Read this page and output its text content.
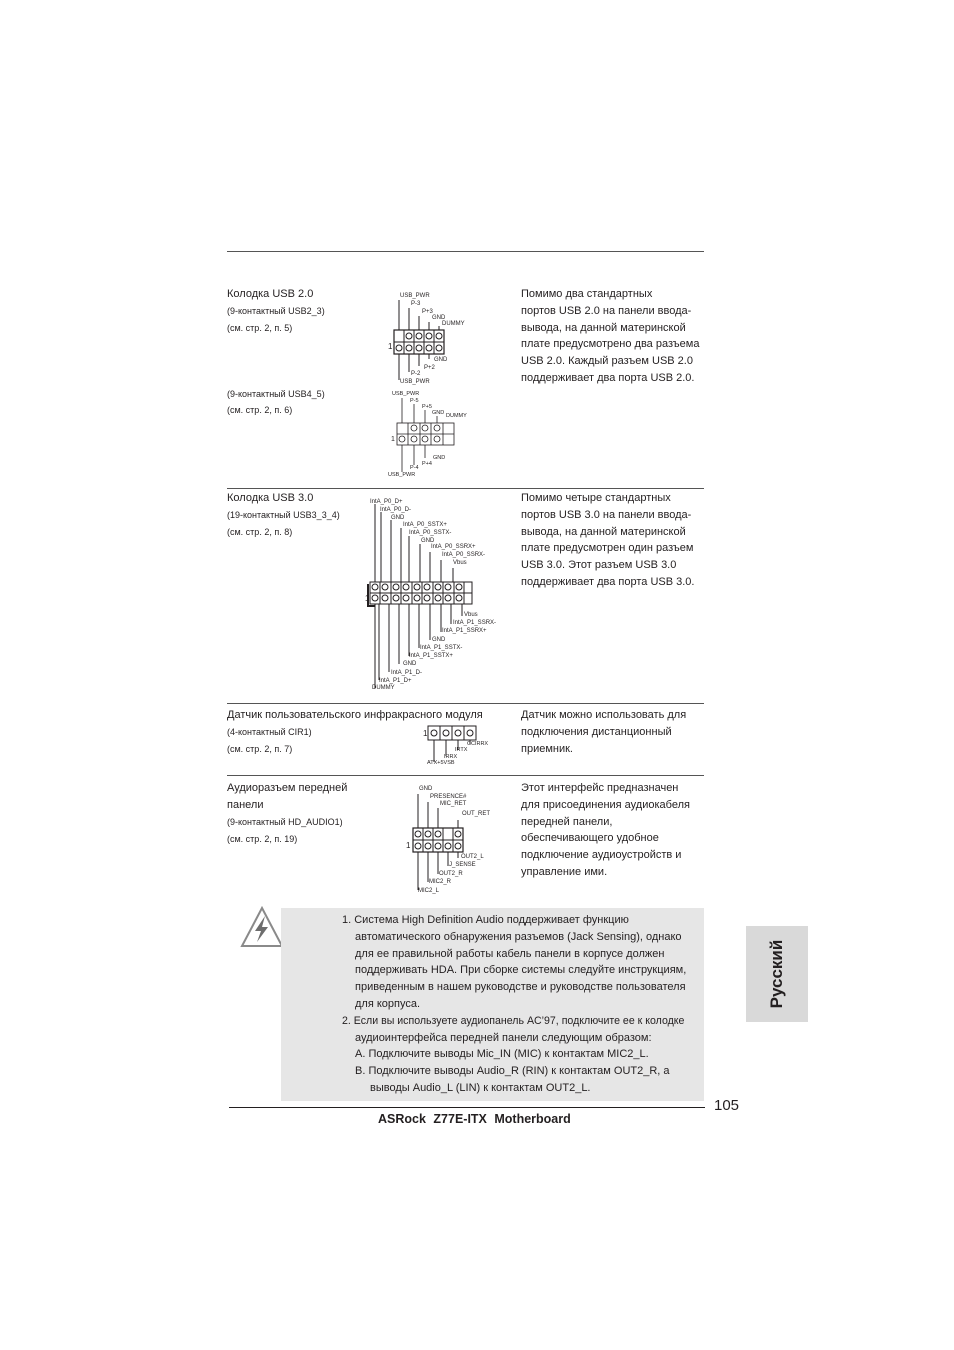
Колодка USB 2.0
(9-контактный USB2_3)
(см. стр. 2, п. 5)
(9-контактный USB4_5)
(см. стр. 2, п. 6)
Помимо два стандартных
портов USB 2.0 на панели ввода-
вывода, на данной материнской
плате предусмотрено два разъема
USB 2.0. Каждый разъем USB 2.0
поддерживает два порта USB 2.0.
USB_PWR
P-3
P+3
GND
DUMMY
GND
P+2
P-2
USB_PWR
1
USB_PWR
P-5
P+5
GND DUMMY
GND
P+4
P-4
USB_PWR
1
Колодка USB 3.0
(19-контактный USB3_3_4)
(см. стр. 2, п. 8)
Помимо четыре стандартных
портов USB 3.0 на панели ввода-
вывода, на данной материнской
плате предусмотрен один разъем
USB 3.0. Этот разъем USB 3.0
поддерживает два порта USB 3.0.
IntA_P0_D+
IntA_P0_D-
GND
IntA_P0_SSTX+
IntA_P0_SSTX-
GND
IntA_P0_SSRX+
IntA_P0_SSRX-
Vbus
Vbus
IntA_P1_SSRX-
IntA_P1_SSRX+
GND
IntA_P1_SSTX-
IntA_P1_SSTX+
GND
IntA_P1_D-
IntA_P1_D+
DUMMY
1
Датчик пользовательского инфракрасного модуля
(4-контактный CIR1)
(см. стр. 2, п. 7)
Датчик можно использовать для
подключения дистанционный
приемник.
CCIRRX
IRTX
IRRX
ATX+5VSB
1
Аудиоразъем передней
панели
(9-контактный HD_AUDIO1)
(см. стр. 2, п. 19)
Этот интерфейс предназначен
для присоединения аудиокабеля
передней панели,
обеспечивающего удобное
подключение аудиоустройств и
управление ими.
GND
PRESENCE#
MIC_RET
OUT_RET
OUT2_L
J_SENSE
OUT2_R
MIC2_R
MIC2_L
1
1. Система High Definition Audio поддерживает функцию
автоматического обнаружения разъемов (Jack Sensing), однако
для ее правильной работы кабель панели в корпусе должен
поддерживать HDA. При сборке системы следуйте инструкциям,
приведенным в нашем руководстве и руководстве пользователя
для корпуса.
2. Если вы используете аудиопанель AC’97, подключите ее к колодке
аудиоинтерфейса передней панели следующим образом:
A. Подключите выводы Mic_IN (MIC) к контактам MIC2_L.
B. Подключите выводы Audio_R (RIN) к контактам OUT2_R, а
выводы Audio_L (LIN) к контактам OUT2_L.
Русский
105
ASRock Z77E-ITX Motherboard
